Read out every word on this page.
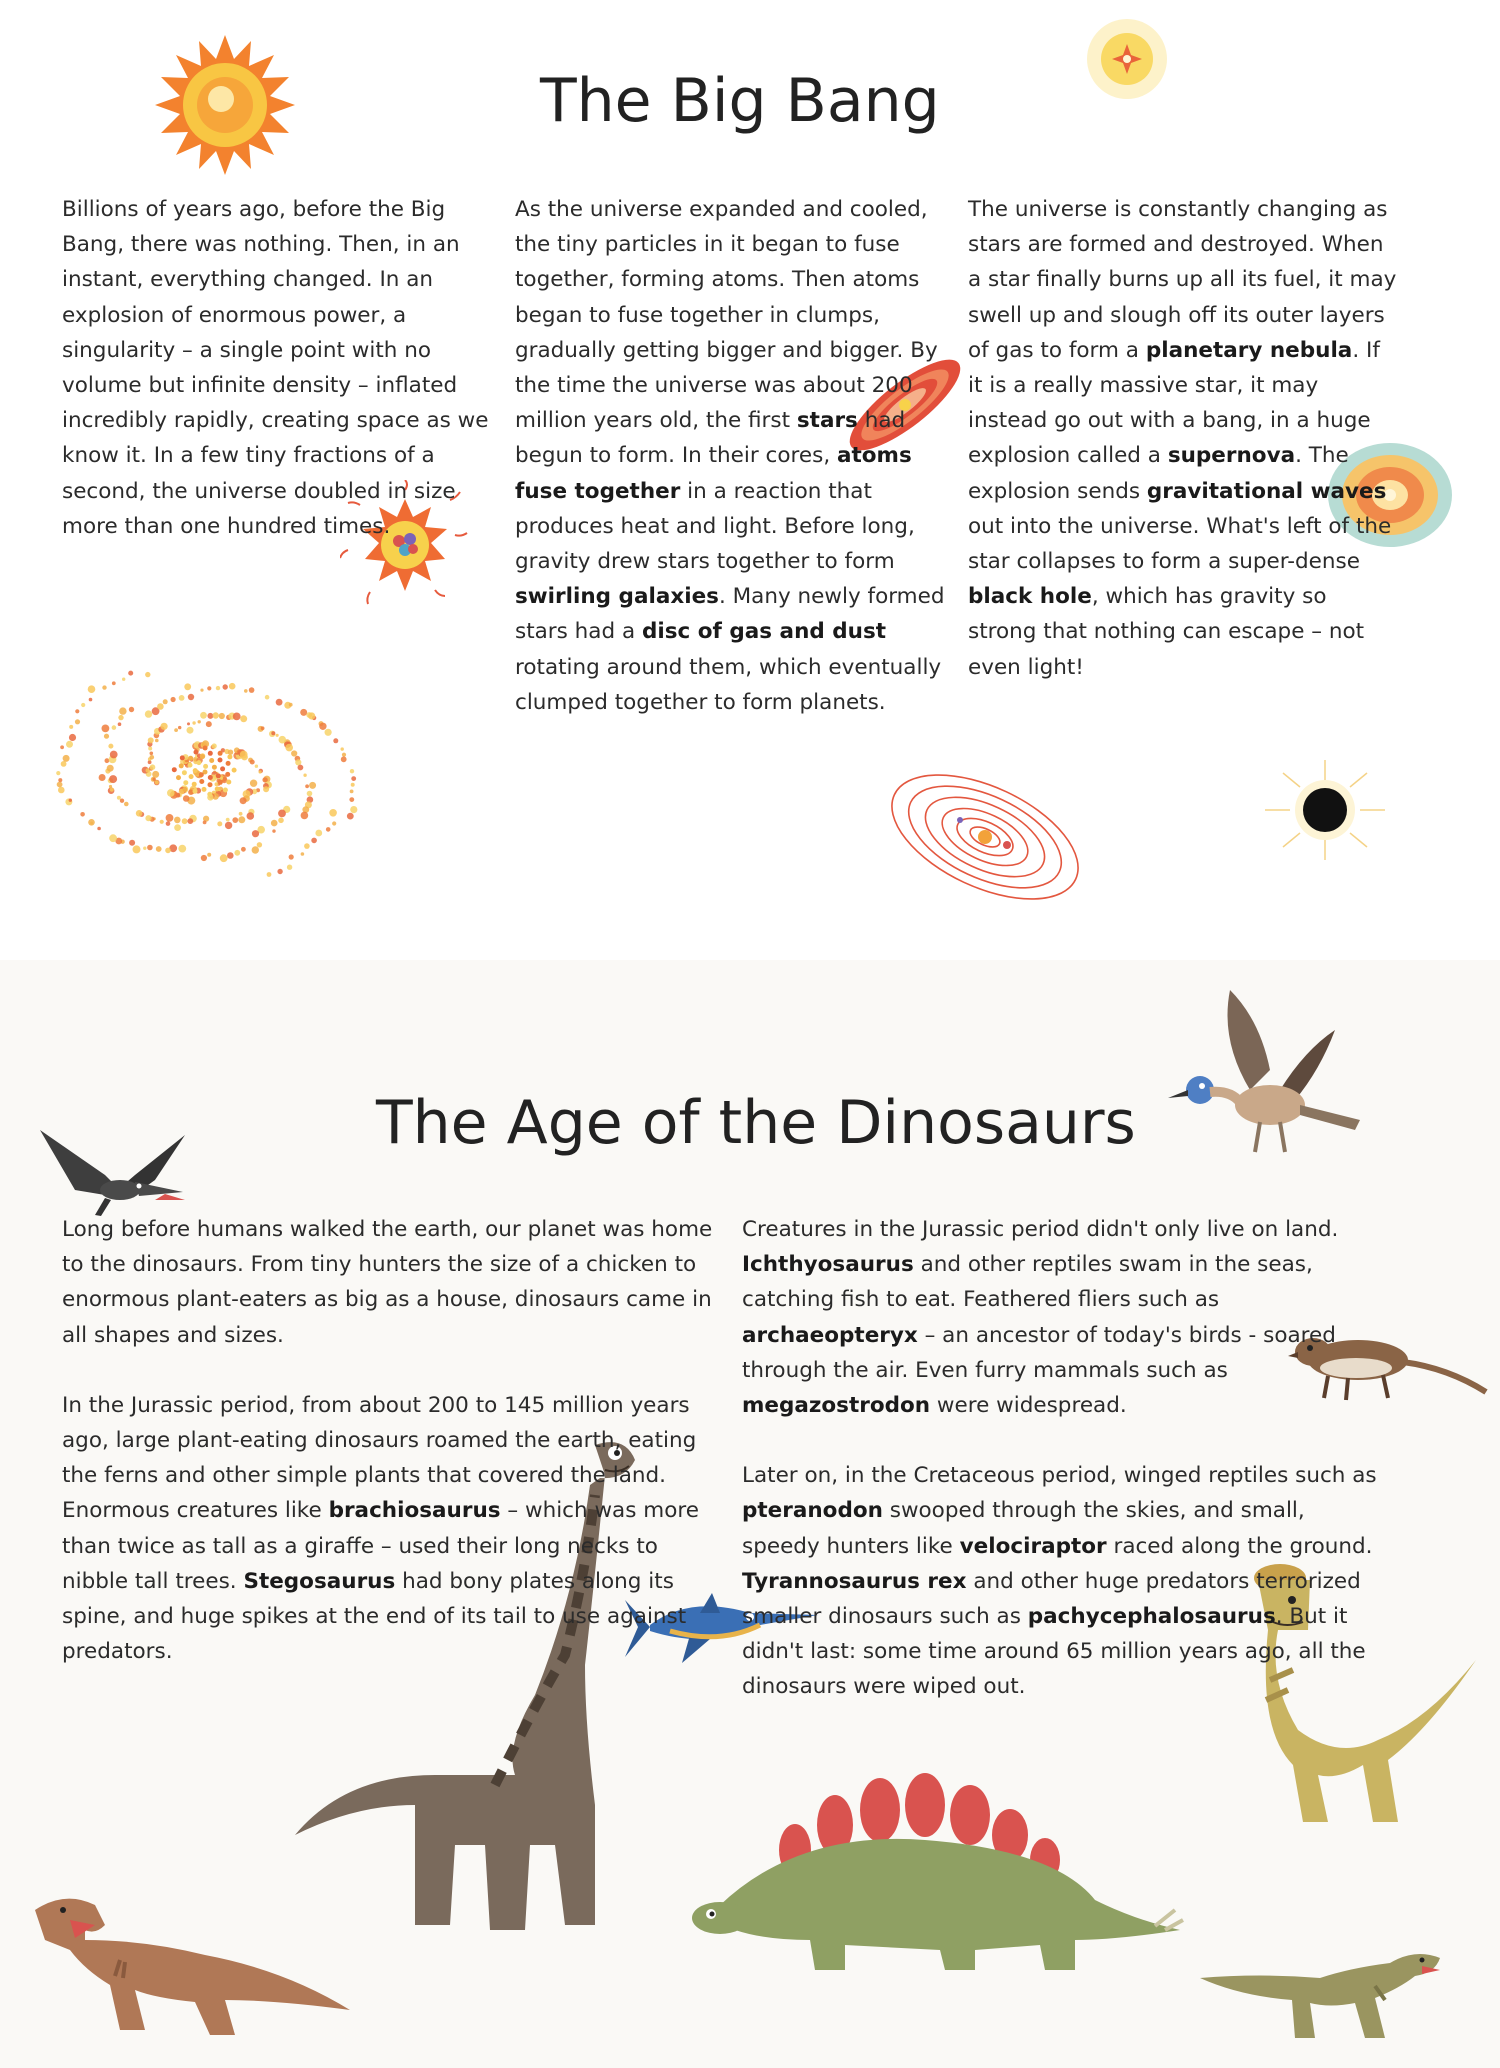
The Big Bang
Billions of years ago, before the Big Bang, there was nothing. Then, in an instant, everything changed. In an explosion of enormous power, a singularity – a single point with no volume but infinite density – inflated incredibly rapidly, creating space as we know it. In a few tiny fractions of a second, the universe doubled in size more than one hundred times.
As the universe expanded and cooled, the tiny particles in it began to fuse together, forming atoms. Then atoms began to fuse together in clumps, gradually getting bigger and bigger. By the time the universe was about 200 million years old, the first stars had begun to form. In their cores, atoms fuse together in a reaction that produces heat and light. Before long, gravity drew stars together to form swirling galaxies. Many newly formed stars had a disc of gas and dust rotating around them, which eventually clumped together to form planets.
The universe is constantly changing as stars are formed and destroyed. When a star finally burns up all its fuel, it may swell up and slough off its outer layers of gas to form a planetary nebula. If it is a really massive star, it may instead go out with a bang, in a huge explosion called a supernova. The explosion sends gravitational waves out into the universe. What's left of the star collapses to form a super-dense black hole, which has gravity so strong that nothing can escape – not even light!
The Age of the Dinosaurs

Long before humans walked the earth, our planet was home to the dinosaurs. From tiny hunters the size of a chicken to enormous plant-eaters as big as a house, dinosaurs came in all shapes and sizes.

In the Jurassic period, from about 200 to 145 million years ago, large plant-eating dinosaurs roamed the earth, eating the ferns and other simple plants that covered the land. Enormous creatures like brachiosaurus – which was more than twice as tall as a giraffe – used their long necks to nibble tall trees. Stegosaurus had bony plates along its spine, and huge spikes at the end of its tail to use against predators.

Creatures in the Jurassic period didn't only live on land. Ichthyosaurus and other reptiles swam in the seas, catching fish to eat. Feathered fliers such as archaeopteryx – an ancestor of today's birds - soared through the air. Even furry mammals such as megazostrodon were widespread.

Later on, in the Cretaceous period, winged reptiles such as pteranodon swooped through the skies, and small, speedy hunters like velociraptor raced along the ground. Tyrannosaurus rex and other huge predators terrorized smaller dinosaurs such as pachycephalosaurus. But it didn't last: some time around 65 million years ago, all the dinosaurs were wiped out.
